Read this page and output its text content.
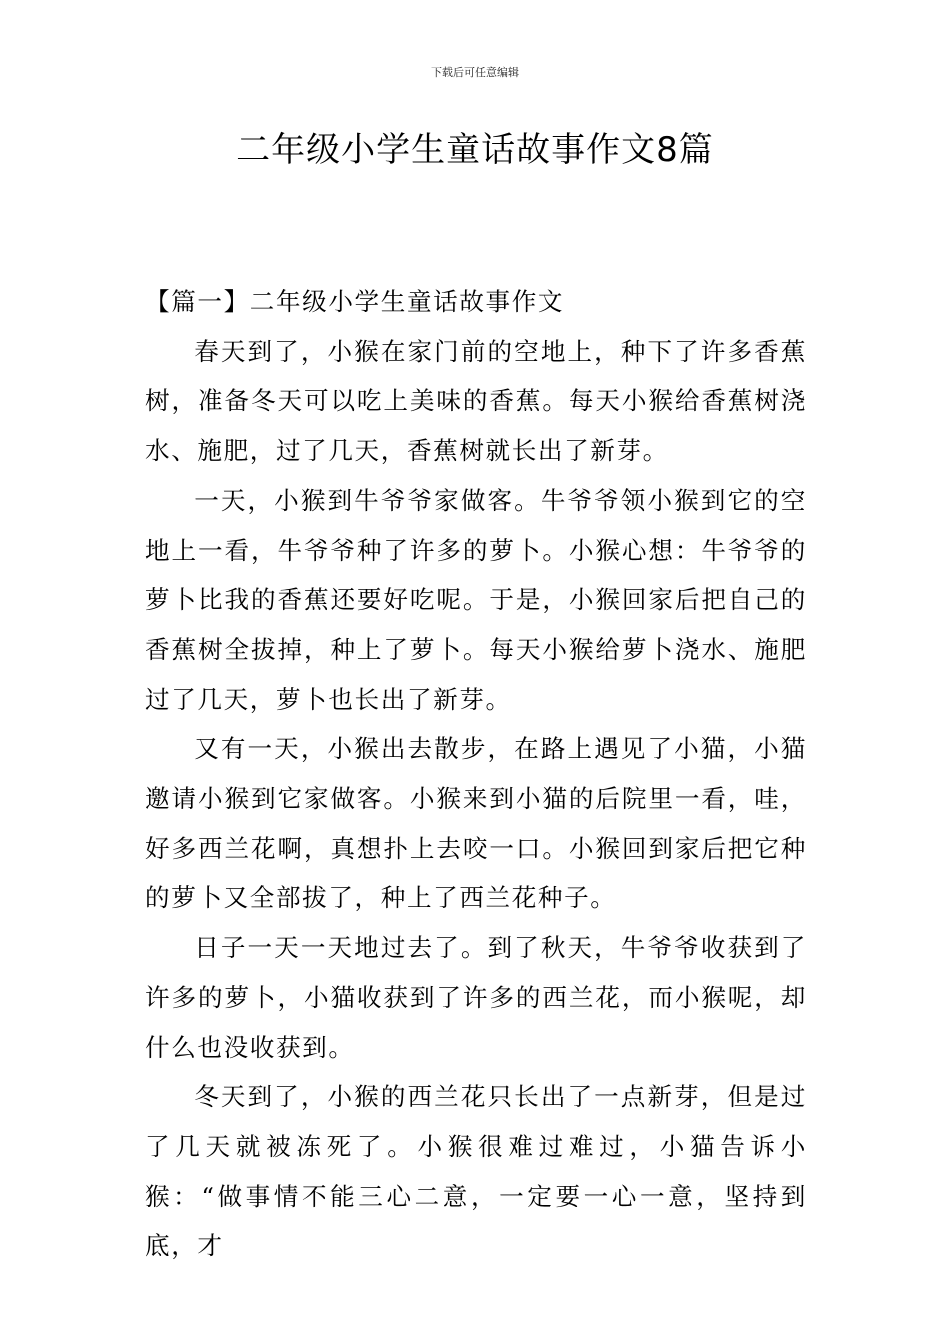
下载后可任意编辑
二年级小学生童话故事作文8篇
【篇一】二年级小学生童话故事作文

春天到了，小猴在家门前的空地上，种下了许多香蕉树，准备冬天可以吃上美味的香蕉。每天小猴给香蕉树浇水、施肥，过了几天，香蕉树就长出了新芽。

一天，小猴到牛爷爷家做客。牛爷爷领小猴到它的空地上一看，牛爷爷种了许多的萝卜。小猴心想：牛爷爷的萝卜比我的香蕉还要好吃呢。于是，小猴回家后把自己的香蕉树全拔掉，种上了萝卜。每天小猴给萝卜浇水、施肥过了几天，萝卜也长出了新芽。

又有一天，小猴出去散步，在路上遇见了小猫，小猫邀请小猴到它家做客。小猴来到小猫的后院里一看，哇，好多西兰花啊，真想扑上去咬一口。小猴回到家后把它种的萝卜又全部拔了，种上了西兰花种子。

日子一天一天地过去了。到了秋天，牛爷爷收获到了许多的萝卜，小猫收获到了许多的西兰花，而小猴呢，却什么也没收获到。

冬天到了，小猴的西兰花只长出了一点新芽，但是过了几天就被冻死了。小猴很难过难过，小猫告诉小猴：“做事情不能三心二意，一定要一心一意，坚持到底，才
